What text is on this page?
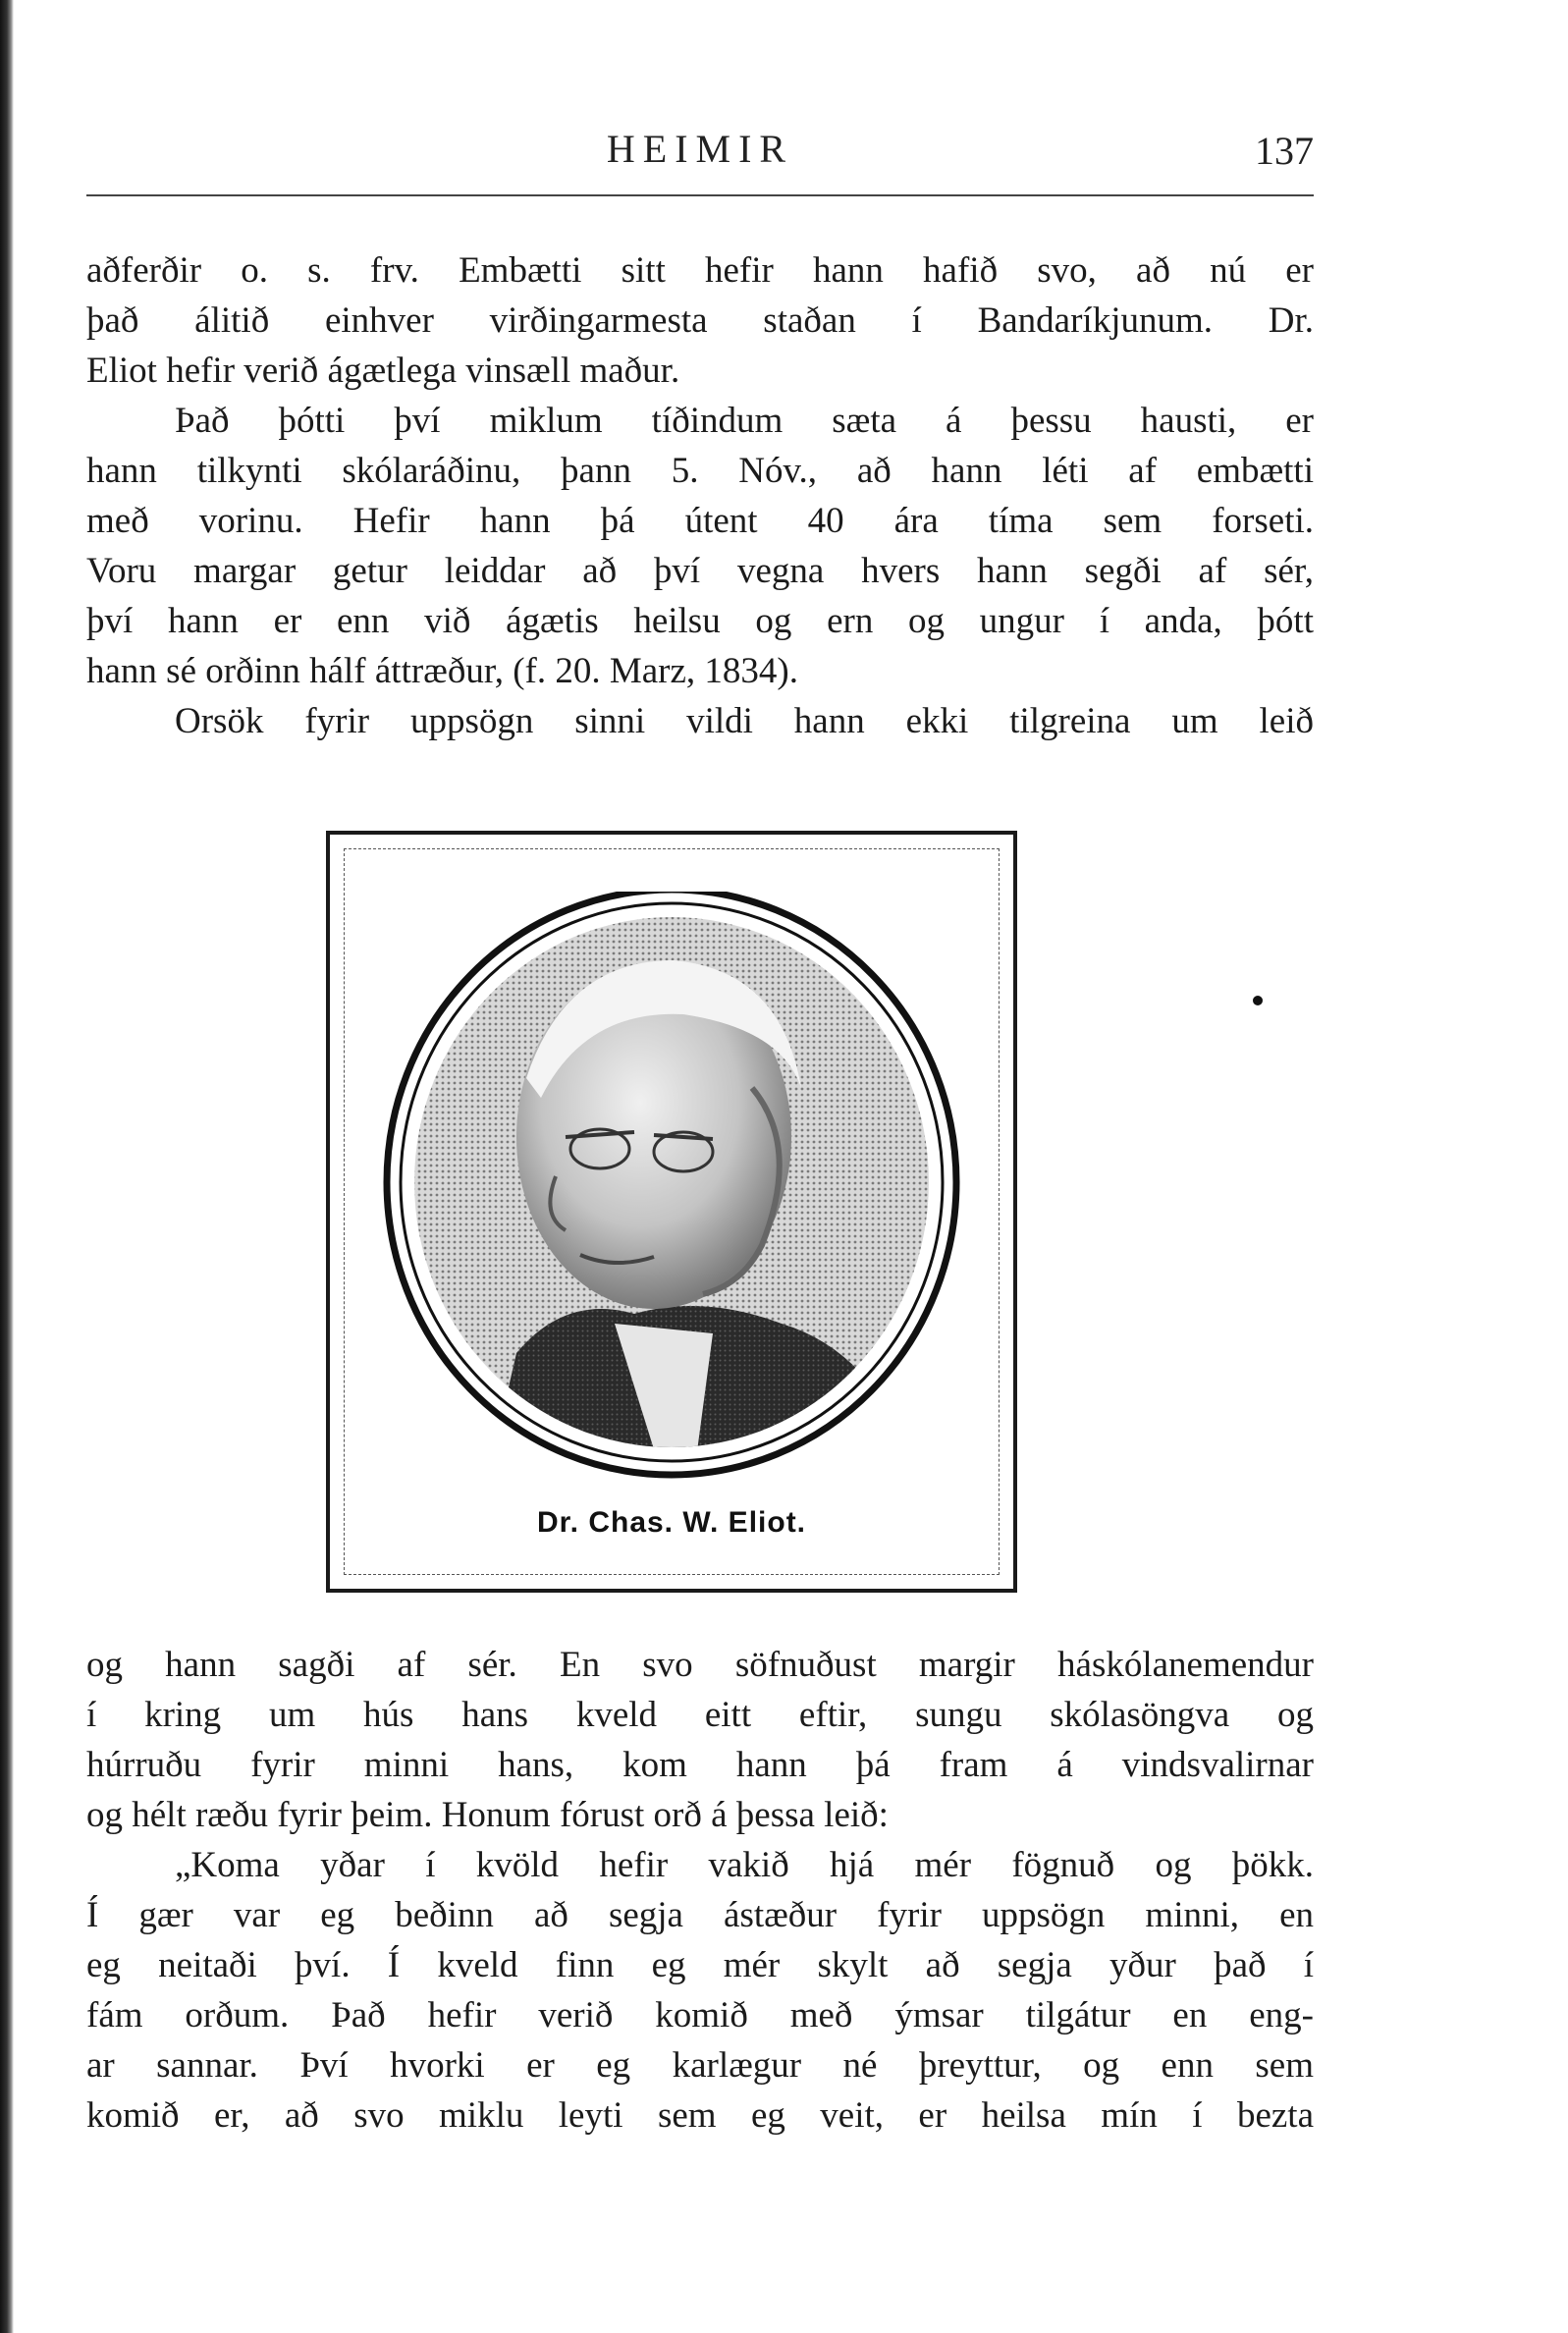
HEIMIR	137
aðferðir o. s. frv. Embætti sitt hefir hann hafið svo, að nú er
það álitið einhver virðingarmesta staðan í Bandaríkjunum. Dr.
Eliot hefir verið ágætlega vinsæll maður.
Það þótti því miklum tíðindum sæta á þessu hausti, er
hann tilkynti skólaráðinu, þann 5. Nóv., að hann léti af embætti
með vorinu. Hefir hann þá útent 40 ára tíma sem forseti.
Voru margar getur leiddar að því vegna hvers hann segði af sér,
því hann er enn við ágætis heilsu og ern og ungur í anda, þótt
hann sé orðinn hálf áttræður, (f. 20. Marz, 1834).
Orsök fyrir uppsögn sinni vildi hann ekki tilgreina um leið
Dr. Chas. W. Eliot.
og hann sagði af sér. En svo söfnuðust margir háskólanemendur
í kring um hús hans kveld eitt eftir, sungu skólasöngva og
húrruðu fyrir minni hans, kom hann þá fram á vindsvalirnar
og hélt ræðu fyrir þeim. Honum fórust orð á þessa leið:
„Koma yðar í kvöld hefir vakið hjá mér fögnuð og þökk.
Í gær var eg beðinn að segja ástæður fyrir uppsögn minni, en
eg neitaði því. Í kveld finn eg mér skylt að segja yður það í
fám orðum. Það hefir verið komið með ýmsar tilgátur en eng-
ar sannar. Því hvorki er eg karlægur né þreyttur, og enn sem
komið er, að svo miklu leyti sem eg veit, er heilsa mín í bezta
